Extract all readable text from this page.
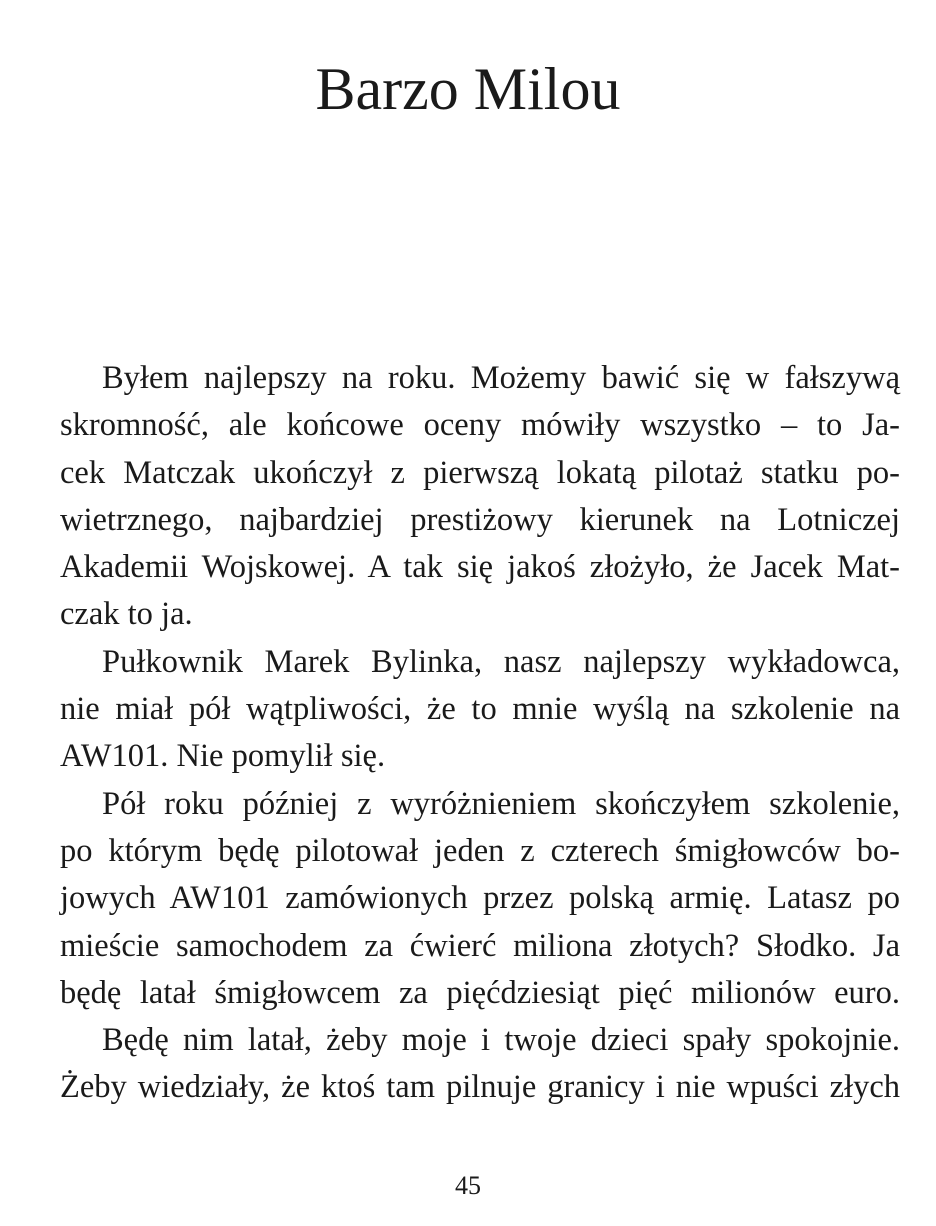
Barzo Milou
Byłem najlepszy na roku. Możemy bawić się w fałszywą
skromność, ale końcowe oceny mówiły wszystko – to Ja-
cek Matczak ukończył z pierwszą lokatą pilotaż statku po-
wietrznego, najbardziej prestiżowy kierunek na Lotniczej
Akademii Wojskowej. A tak się jakoś złożyło, że Jacek Mat-
czak to ja.
Pułkownik Marek Bylinka, nasz najlepszy wykładowca,
nie miał pół wątpliwości, że to mnie wyślą na szkolenie na
AW101. Nie pomylił się.
Pół roku później z wyróżnieniem skończyłem szkolenie,
po którym będę pilotował jeden z czterech śmigłowców bo-
jowych AW101 zamówionych przez polską armię. Latasz po
mieście samochodem za ćwierć miliona złotych? Słodko. Ja
będę latał śmigłowcem za pięćdziesiąt pięć milionów euro.
Będę nim latał, żeby moje i twoje dzieci spały spokojnie.
Żeby wiedziały, że ktoś tam pilnuje granicy i nie wpuści złych
45
